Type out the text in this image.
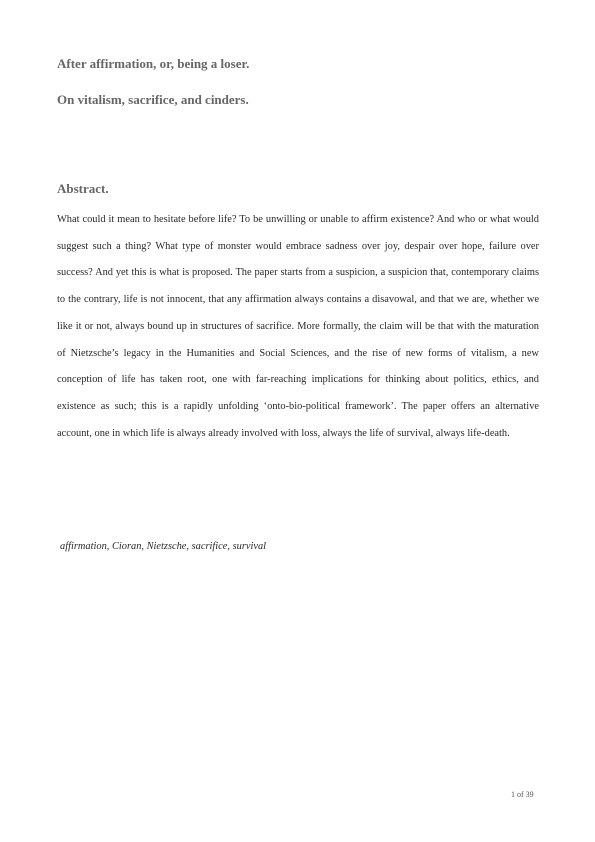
After affirmation, or, being a loser.
On vitalism, sacrifice, and cinders.
Abstract.

What could it mean to hesitate before life? To be unwilling or unable to affirm existence? And who or what would suggest such a thing? What type of monster would embrace sadness over joy, despair over hope, failure over success? And yet this is what is proposed. The paper starts from a suspicion, a suspicion that, contemporary claims to the contrary, life is not innocent, that any affirmation always contains a disavowal, and that we are, whether we like it or not, always bound up in structures of sacrifice. More formally, the claim will be that with the maturation of Nietzsche’s legacy in the Humanities and Social Sciences, and the rise of new forms of vitalism, a new conception of life has taken root, one with far-reaching implications for thinking about politics, ethics, and existence as such; this is a rapidly unfolding ‘onto-bio-political framework’. The paper offers an alternative account, one in which life is always already involved with loss, always the life of survival, always life-death.

affirmation, Cioran, Nietzsche, sacrifice, survival
1 of 39
